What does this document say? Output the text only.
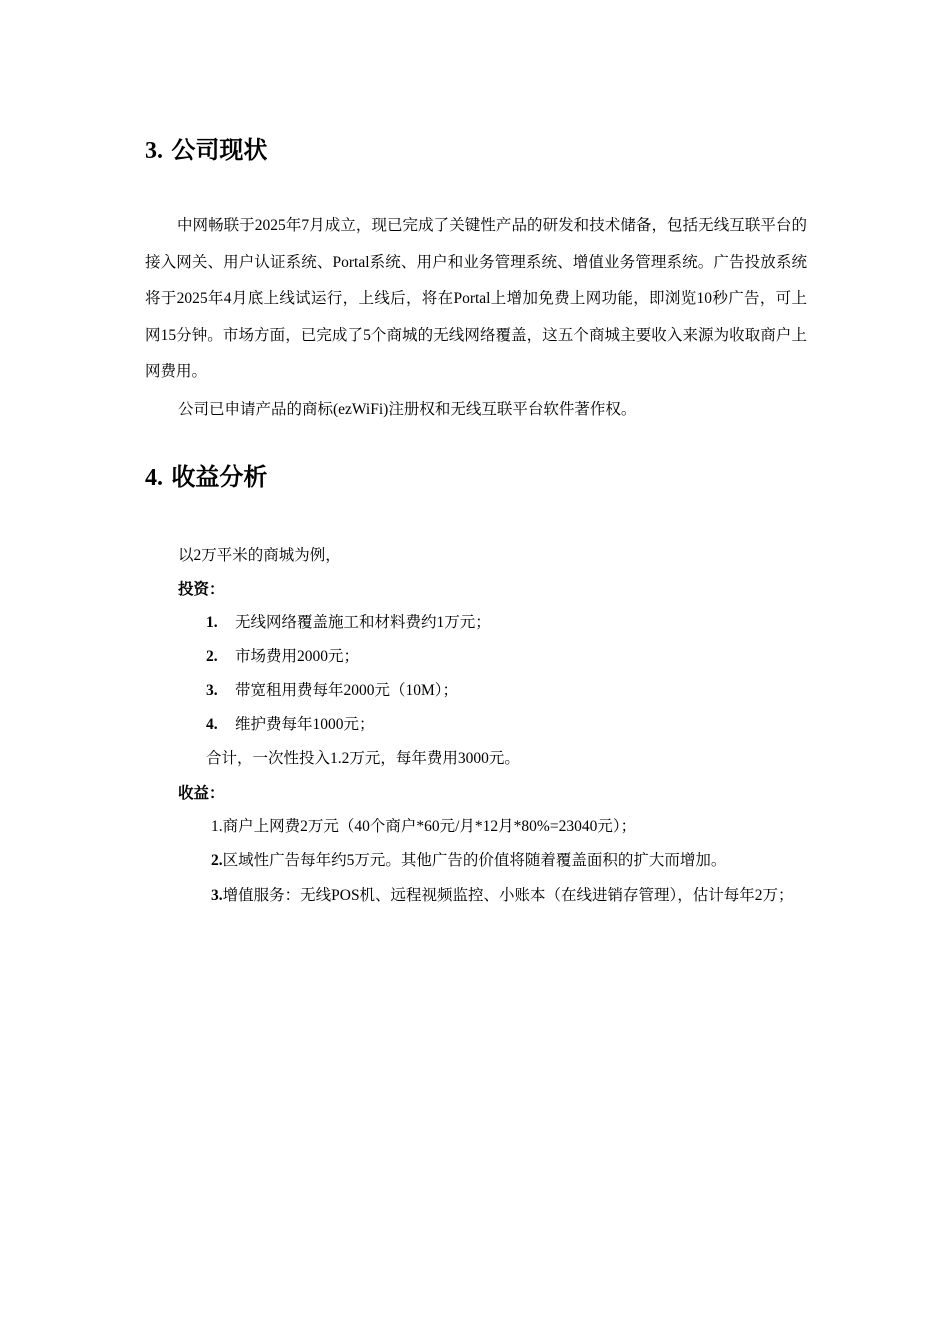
3. 公司现状

中网畅联于2025年7月成立，现已完成了关键性产品的研发和技术储备，包括无线互联平台的接入网关、用户认证系统、Portal系统、用户和业务管理系统、增值业务管理系统。广告投放系统将于2025年4月底上线试运行，上线后，将在Portal上增加免费上网功能，即浏览10秒广告，可上网15分钟。市场方面，已完成了5个商城的无线网络覆盖，这五个商城主要收入来源为收取商户上网费用。

公司已申请产品的商标(ezWiFi)注册权和无线互联平台软件著作权。

4. 收益分析

以2万平米的商城为例，

投资：

1. 无线网络覆盖施工和材料费约1万元；
2. 市场费用2000元；
3. 带宽租用费每年2000元（10M）；
4. 维护费每年1000元；

合计，一次性投入1.2万元，每年费用3000元。

收益：

1.商户上网费2万元（40个商户*60元/月*12月*80%=23040元）；
2.区域性广告每年约5万元。其他广告的价值将随着覆盖面积的扩大而增加。
3.增值服务：无线POS机、远程视频监控、小账本（在线进销存管理），估计每年2万；
